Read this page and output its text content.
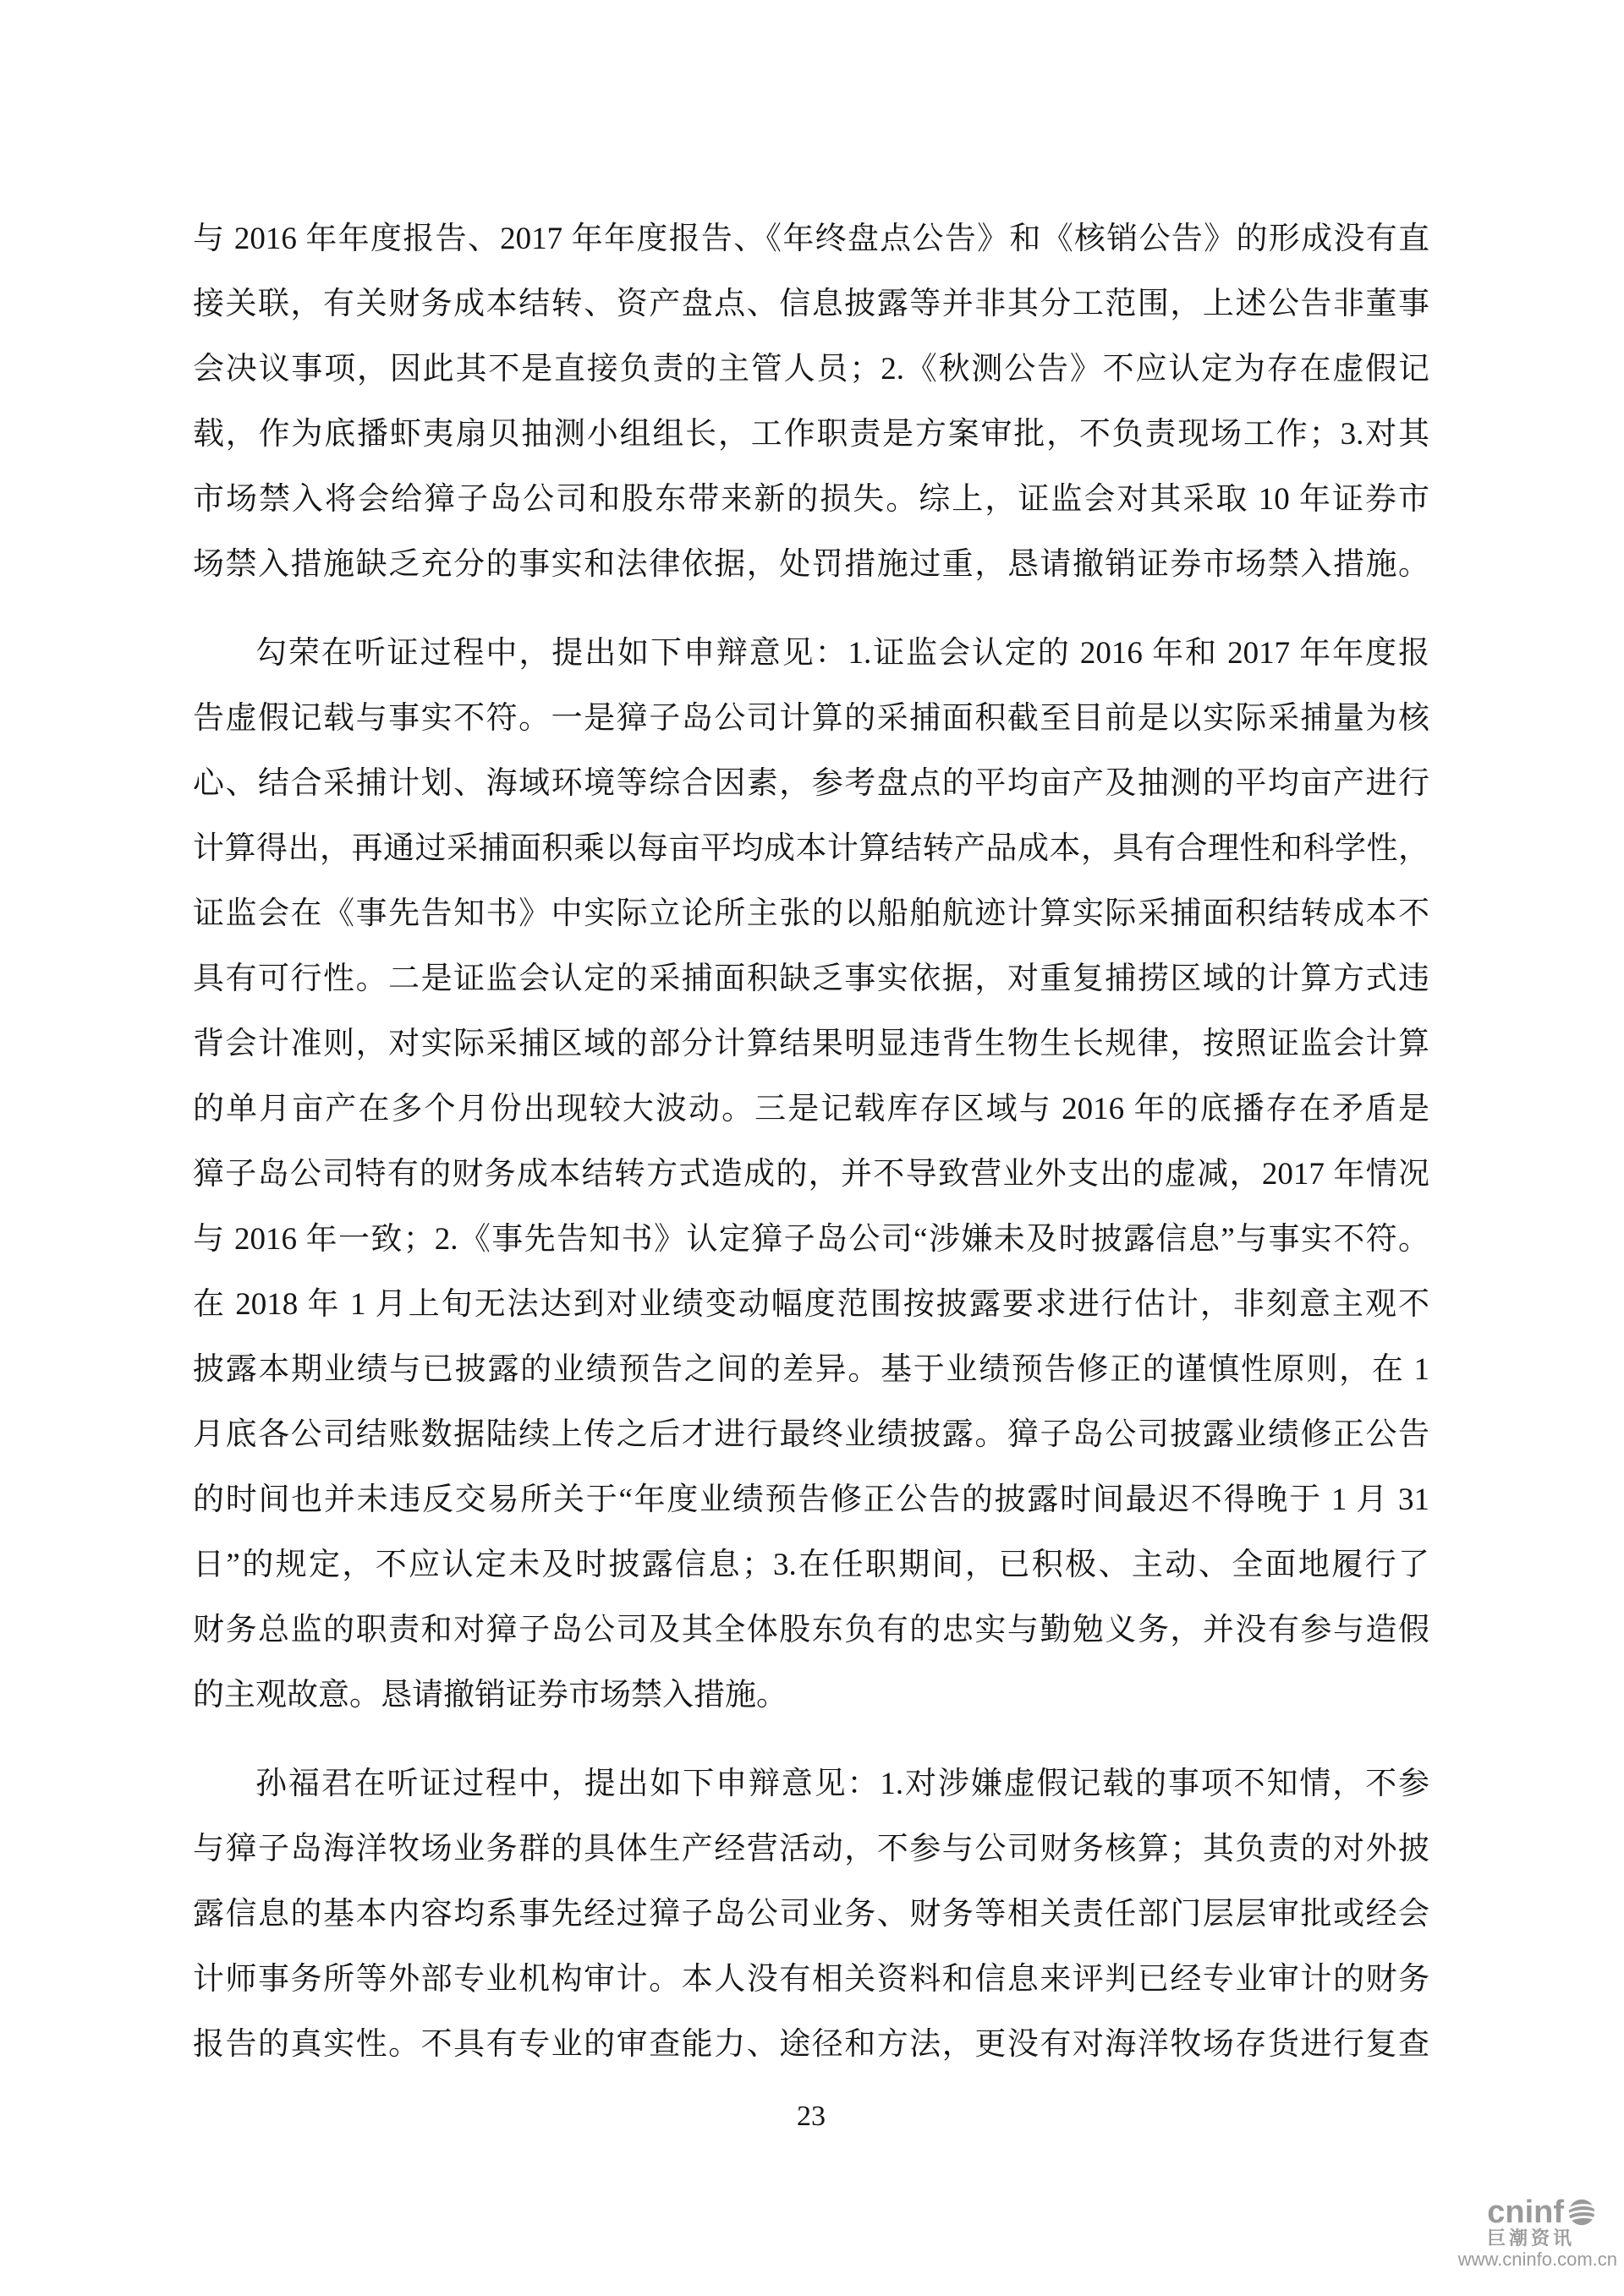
与 2016 年年度报告、2017 年年度报告、《年终盘点公告》和《核销公告》的形成没有直
接关联，有关财务成本结转、资产盘点、信息披露等并非其分工范围，上述公告非董事
会决议事项，因此其不是直接负责的主管人员；2.《秋测公告》不应认定为存在虚假记
载，作为底播虾夷扇贝抽测小组组长，工作职责是方案审批，不负责现场工作；3.对其
市场禁入将会给獐子岛公司和股东带来新的损失。综上，证监会对其采取 10 年证券市
场禁入措施缺乏充分的事实和法律依据，处罚措施过重，恳请撤销证券市场禁入措施。
勾荣在听证过程中，提出如下申辩意见：1.证监会认定的 2016 年和 2017 年年度报
告虚假记载与事实不符。一是獐子岛公司计算的采捕面积截至目前是以实际采捕量为核
心、结合采捕计划、海域环境等综合因素，参考盘点的平均亩产及抽测的平均亩产进行
计算得出，再通过采捕面积乘以每亩平均成本计算结转产品成本，具有合理性和科学性，
证监会在《事先告知书》中实际立论所主张的以船舶航迹计算实际采捕面积结转成本不
具有可行性。二是证监会认定的采捕面积缺乏事实依据，对重复捕捞区域的计算方式违
背会计准则，对实际采捕区域的部分计算结果明显违背生物生长规律，按照证监会计算
的单月亩产在多个月份出现较大波动。三是记载库存区域与 2016 年的底播存在矛盾是
獐子岛公司特有的财务成本结转方式造成的，并不导致营业外支出的虚减，2017 年情况
与 2016 年一致；2.《事先告知书》认定獐子岛公司“涉嫌未及时披露信息”与事实不符。
在 2018 年 1 月上旬无法达到对业绩变动幅度范围按披露要求进行估计，非刻意主观不
披露本期业绩与已披露的业绩预告之间的差异。基于业绩预告修正的谨慎性原则，在 1
月底各公司结账数据陆续上传之后才进行最终业绩披露。獐子岛公司披露业绩修正公告
的时间也并未违反交易所关于“年度业绩预告修正公告的披露时间最迟不得晚于 1 月 31
日”的规定，不应认定未及时披露信息；3.在任职期间，已积极、主动、全面地履行了
财务总监的职责和对獐子岛公司及其全体股东负有的忠实与勤勉义务，并没有参与造假
的主观故意。恳请撤销证券市场禁入措施。
孙福君在听证过程中，提出如下申辩意见：1.对涉嫌虚假记载的事项不知情，不参
与獐子岛海洋牧场业务群的具体生产经营活动，不参与公司财务核算；其负责的对外披
露信息的基本内容均系事先经过獐子岛公司业务、财务等相关责任部门层层审批或经会
计师事务所等外部专业机构审计。本人没有相关资料和信息来评判已经专业审计的财务
报告的真实性。不具有专业的审查能力、途径和方法，更没有对海洋牧场存货进行复查
23
cninf
巨潮资讯
www.cninfo.com.cn
